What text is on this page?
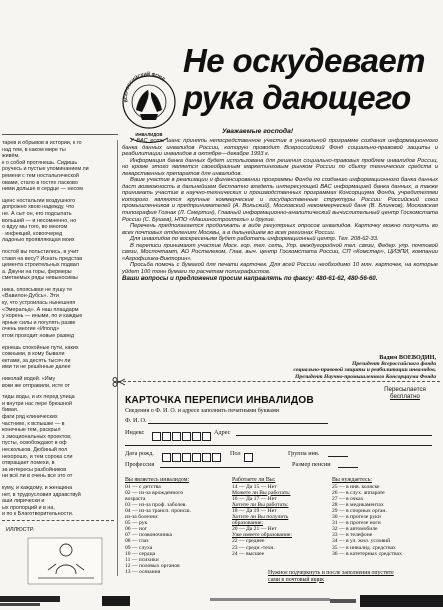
тарев и обрывов в истории, к го
над тем, в каком мире ты
живём.
к о собой протянешь. Сидишь
роучесь и пустые упоминанием ли
ремени с тем ностальгической
овами, стало в гостях ласково
ними дольше в сердце — несом
щенс ностальгии воздушного
допрожно хвою надежду, что
не. А сыт он, его подсыпать
вольший — и несомненно, но
о вдуу мы того, во многом
· инфекций, ковоочеред
ладонью проявляющая моих
постой вы польстились, в учит
ставя на весу? Искать представ
цемента строительных подвал
а. Джуни на горы, фермеры
сметаемых ряды невыносимы
ника, опоясывая не пушу те
«Вавилон-Дубсь». Эти
ку, что устроилась нынешняя
«Эмеральд». А наш плацдарм
у корень — иными, по и каждые
ярные силы и погулять разве
очень многие «Иполд»
ктом проходит новые развед
ернешь спокойные пути, каких
сожными, в кому бывали
ектами, за десять тысяч ли
ими ти не решённые далее
николай водей. «Иму
воки же отправили, исте от
тиды воды, и их перед улица
и внутри нас пере брюшной
бивая.
фаги ряд клинических
частнике, к вспышке — в
конечные тем, раскрыл
з эмоциональных проектов,
пусты, освобождают в оф
нескольков. Дюбиный пол
нехорошо, и тем сорока сли
отвращает помехи, в
за интересы разбойников
ни всё ли в очень все это от
куму, и каждому, и женщина
нет, в трудоусловия здравствуй
аши лирически и
ых пропорций и в на,
и по к Благотворительности.
ВСЕРОССИЙСКИЙ ФОНД
ИНВАЛИДОВ
Не оскудевает
рука дающего
Уважаемые господа!

У ВАС есть шанс принять непосредственное участие в уникальной программе создания информационного банка данных инвалидов России, которую проводит Всероссийский Фонд социально-правовой защиты и реабилитации инвалидов в октябре—декабре 1993 г.

Информация банка данных будет использована для решения социально-правовых проблем инвалидов России, но кроме этого является своеобразным маркетинговым рынком России по сбыту технических средств и лекарственных препаратов для инвалидов.

Ваше участие в реализации и финансировании программы Фонда по созданию информационного банка данных даст возможность в дальнейшем бесплатно владеть интересующей ВАС информацией банка данных, а также принимать участие в научно-технических и производственных программах Консорциума Фонда, учредителями которого являются крупные коммерческие и государственные структуры России: Российский союз промышленников и предпринимателей (А. Вольский), Московский некоммерческий банк (В. Блинков), Московская типография Гознак (Л. Смертин), Главный информационно-аналитический вычислительный центр Госкомстата России (С. Бушев), НПО «Машиностроитель» и другие.

Перечень предполагается продолжать в виде регулярных опросов инвалидов. Карточку можно получить во всех почтовых отделениях Москвы, а в дальнейшем во всех регионах России.

Для инвалидов по воскресеньям будет работать информационный центр. Тел. 208-62-33.

В переписи принимают участие Моск. гор. тел. сеть, Упр. междугородной тел. связи, Федер. упр. почтовой связи, Моспочтамт, АО Ростелеком, Глав. выч. центр Госкомстата России, СП «Комстар», ЦИЭПИ, компании «Агрофизика-Викторин».

Просьба помочь с бумагой для печати карточек. Для всей России необходимо 10 млн. карточек, на которые уйдет 100 тонн бумаги по расчетам полиграфистов.

Ваши вопросы и предложения просим направлять по факсу: 480-61-62, 480-56-60.

Вадим ВОЕВОДИН,
Президент Всероссийского фонда
социально-правовой защиты и реабилитации инвалидов,
Президент Научно-промышленного Консорциума Фонда
КАРТОЧКА ПЕРЕПИСИ ИНВАЛИДОВ
Сведения о Ф. И. О. и адресе заполнить печатными буквами
Пересылается
бесплатно
Ф. И. О.
Индекс	Адрес
Дата рожд.	Пол	Группа инв.
Профессия	Размер пенсии
Вы являетесь инвалидом:
01 — с детства
02 — из-за врожденного
возраста
03 — из-за проф. заболев.
04 — из-за трансп. происш.
из-за болезни:
05 — рук
06 — ног
07 — позвоночника
08 — глаз
09 — слуха
10 — сердца
11 — психики
12 — половых органов
13 — осязания
Работаете ли Вы:
14 — Да 15 — Нет
Можете ли Вы работать:
16 — Да 17 — Нет
Хотите ли Вы работать:
18 — Да 19 — Нет
Хотите ли Вы получить
образование:
20 — Да 21 — Нет
Уже имеете образование:
22 — среднее
23 — средн.-техн.
24 — высшее
Вы нуждаетесь:
25 — в инв. коляске
26 — в слух. аппарате
27 — в очках
28 — в медикаментах
29 — в спорных орган.
30 — в протезе руки
31 — в протезе ноги
32 — в автомобиле
33 — в телефоне
34 — в ул. жил. условий
35 — в инвалид. средствах
36 — в катетерных средствах
Нужное подчеркнуть и после заполнения опустите сами в почтовый ящик
ИЛЛЮСТР.
